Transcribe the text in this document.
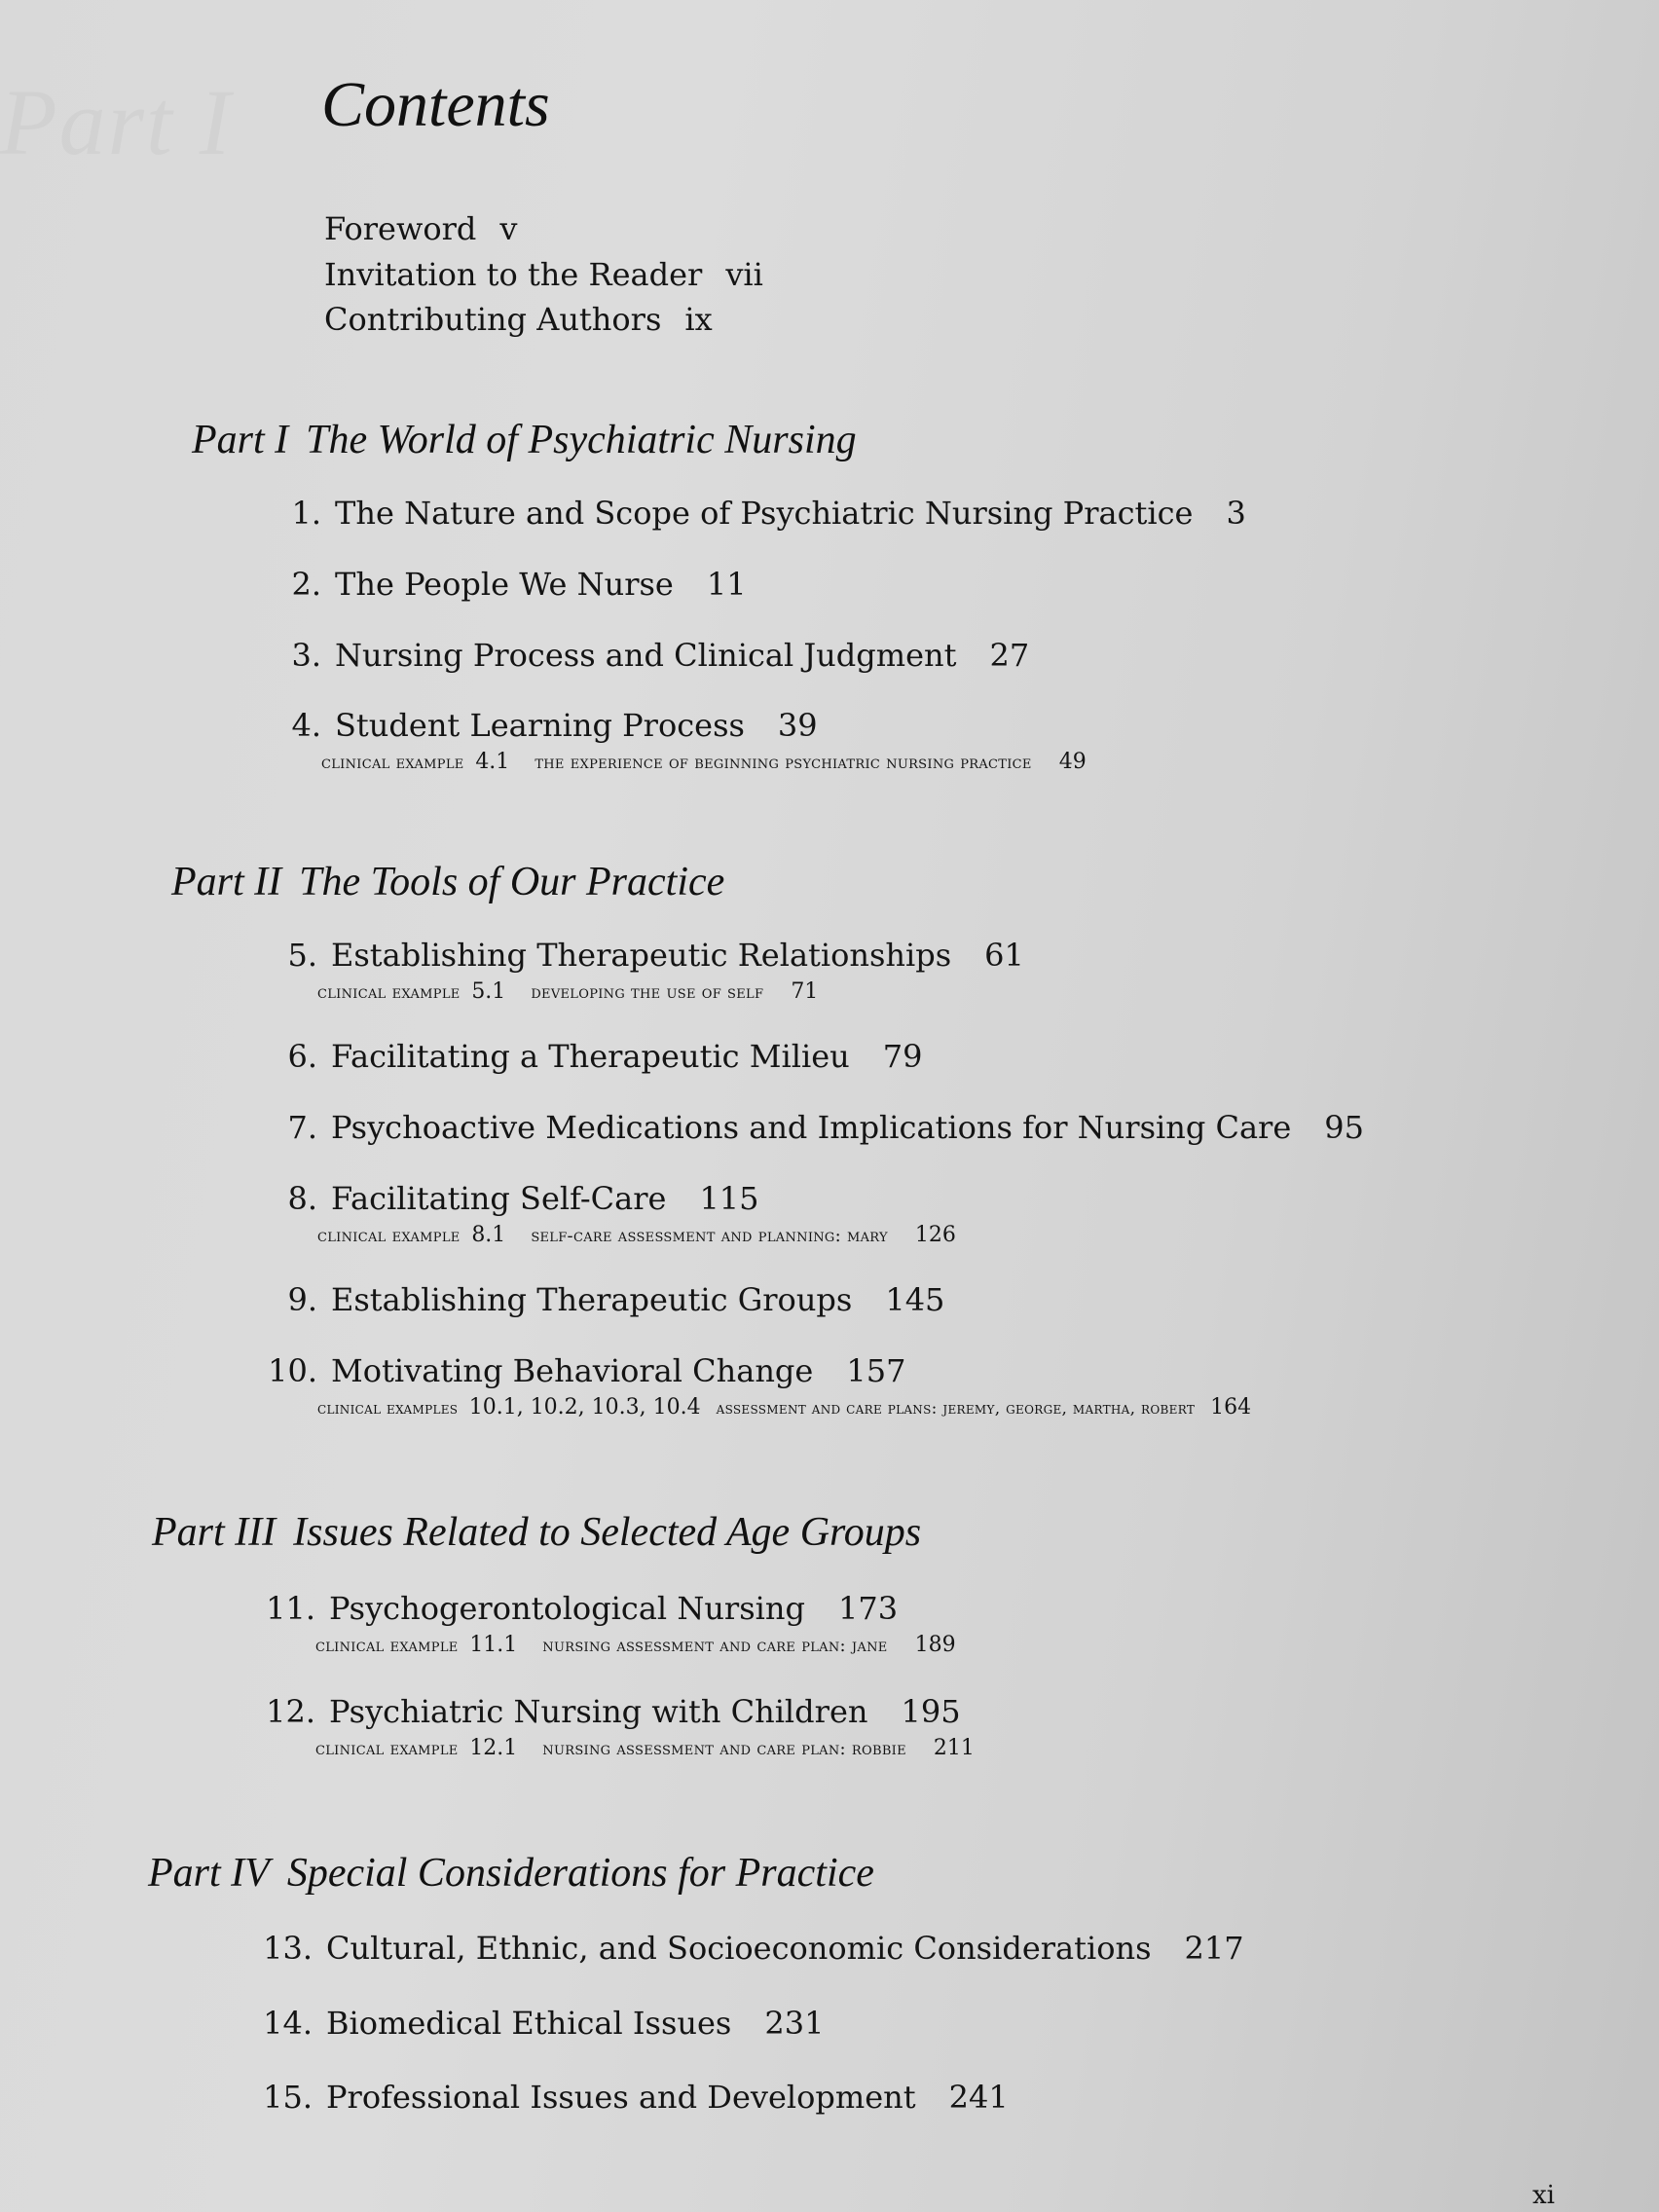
Contents
Foreword v
Invitation to the Reader vii
Contributing Authors ix
Part I The World of Psychiatric Nursing
1. The Nature and Scope of Psychiatric Nursing Practice 3
2. The People We Nurse 11
3. Nursing Process and Clinical Judgment 27
4. Student Learning Process 39
clinical example 4.1 the experience of beginning psychiatric nursing practice 49
Part II The Tools of Our Practice
5. Establishing Therapeutic Relationships 61
clinical example 5.1 developing the use of self 71
6. Facilitating a Therapeutic Milieu 79
7. Psychoactive Medications and Implications for Nursing Care 95
8. Facilitating Self-Care 115
clinical example 8.1 self-care assessment and planning: mary 126
9. Establishing Therapeutic Groups 145
10. Motivating Behavioral Change 157
clinical examples 10.1, 10.2, 10.3, 10.4 assessment and care plans: jeremy, george, martha, robert 164
Part III Issues Related to Selected Age Groups
11. Psychogerontological Nursing 173
clinical example 11.1 nursing assessment and care plan: jane 189
12. Psychiatric Nursing with Children 195
clinical example 12.1 nursing assessment and care plan: robbie 211
Part IV Special Considerations for Practice
13. Cultural, Ethnic, and Socioeconomic Considerations 217
14. Biomedical Ethical Issues 231
15. Professional Issues and Development 241
xi
